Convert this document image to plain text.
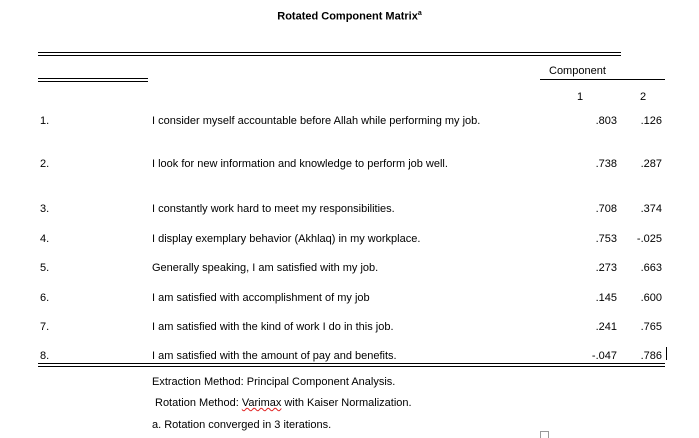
Rotated Component Matrix$^a$
Component
1	2
1.	I consider myself accountable before Allah while performing my job.	.803	.126
2.	I look for new information and knowledge to perform job well.	.738	.287
3.	I constantly work hard to meet my responsibilities.	.708	.374
4.	I display exemplary behavior (Akhlaq) in my workplace.	.753	-.025
5.	Generally speaking, I am satisfied with my job.	.273	.663
6.	I am satisfied with accomplishment of my job	.145	.600
7.	I am satisfied with the kind of work I do in this job.	.241	.765
8.	I am satisfied with the amount of pay and benefits.	-.047	.786
Extraction Method: Principal Component Analysis.
Rotation Method: Varimax with Kaiser Normalization.
a. Rotation converged in 3 iterations.
